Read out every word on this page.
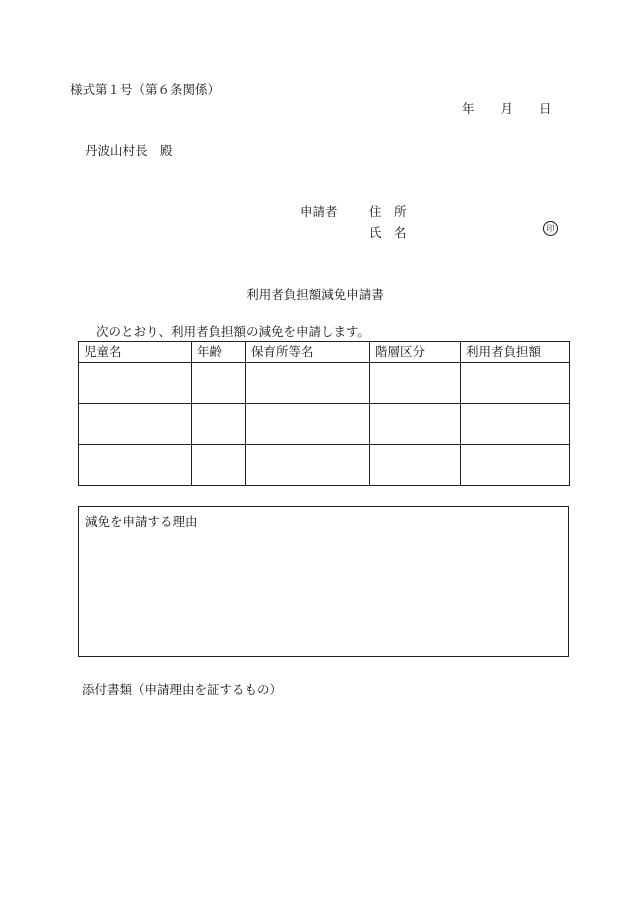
様式第１号（第６条関係）
年 月 日
丹波山村長　殿
申請者	住　所
氏　名	印
利用者負担額減免申請書
次のとおり、利用者負担額の減免を申請します。
児童名	年齢	保育所等名	階層区分	利用者負担額

減免を申請する理由
添付書類（申請理由を証するもの）
